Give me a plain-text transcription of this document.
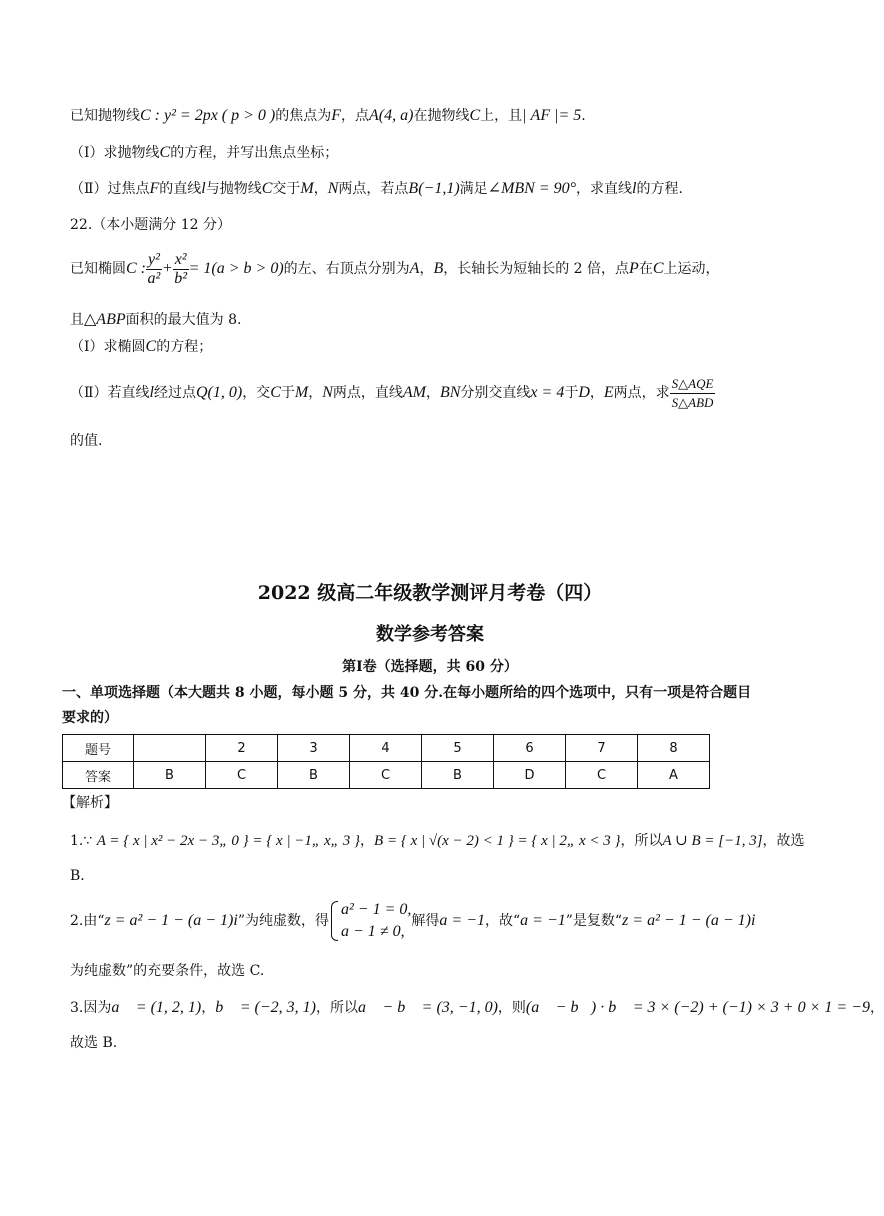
已知抛物线C : y² = 2px ( p > 0 )的焦点为F，点A(4, a)在抛物线C上，且| AF |= 5.
（Ⅰ）求抛物线C的方程，并写出焦点坐标；
（Ⅱ）过焦点F的直线l与抛物线C交于M，N两点，若点B(−1,1)满足∠MBN = 90°，求直线l的方程.
22.（本小题满分 12 分）
已知椭圆C : $\frac{\text{y²}}{\text{a²}} + \frac{\text{x²}}{\text{b²}} = 1(a > b > 0)$的左、右顶点分别为A，B，长轴长为短轴长的 2 倍，点P在C上运动，
且△ABP面积的最大值为 8.
（Ⅰ）求椭圆C的方程；
（Ⅱ）若直线l经过点Q(1, 0)，交C于M，N两点，直线AM，BN分别交直线x = 4于D，E两点，求 $\frac{\text{S△AQE}}{\text{S△ABD}}$
的值.
2022 级高二年级教学测评月考卷（四）
数学参考答案
第Ⅰ卷（选择题，共 60 分）
一、单项选择题（本大题共 8 小题，每小题 5 分，共 40 分.在每小题所给的四个选项中，只有一项是符合题目
要求的）
题号		2	3	4	5	6	7	8
答案	B	C	B	C	B	D	C	A
【解析】
1.∵ A = { x | x² − 2x − 3„ 0 } = { x | −1„ x„ 3 }，B = { x | √(x − 2) < 1 } = { x | 2„ x < 3 }，所以A ∪ B = [−1, 3]，故选
B.
2.由“z = a² − 1 − (a − 1)i”为纯虚数，得
a² − 1 = 0,
a − 1 ≠ 0,
解得a = −1，故“a = −1”是复数“z = a² − 1 − (a − 1)i
为纯虚数”的充要条件，故选 C.
3.因为a⃗ = (1, 2, 1)，b⃗ = (−2, 3, 1)，所以a⃗ − b⃗ = (3, −1, 0)，则(a⃗ − b⃗) · b⃗ = 3 × (−2) + (−1) × 3 + 0 × 1 = −9，
故选 B.
